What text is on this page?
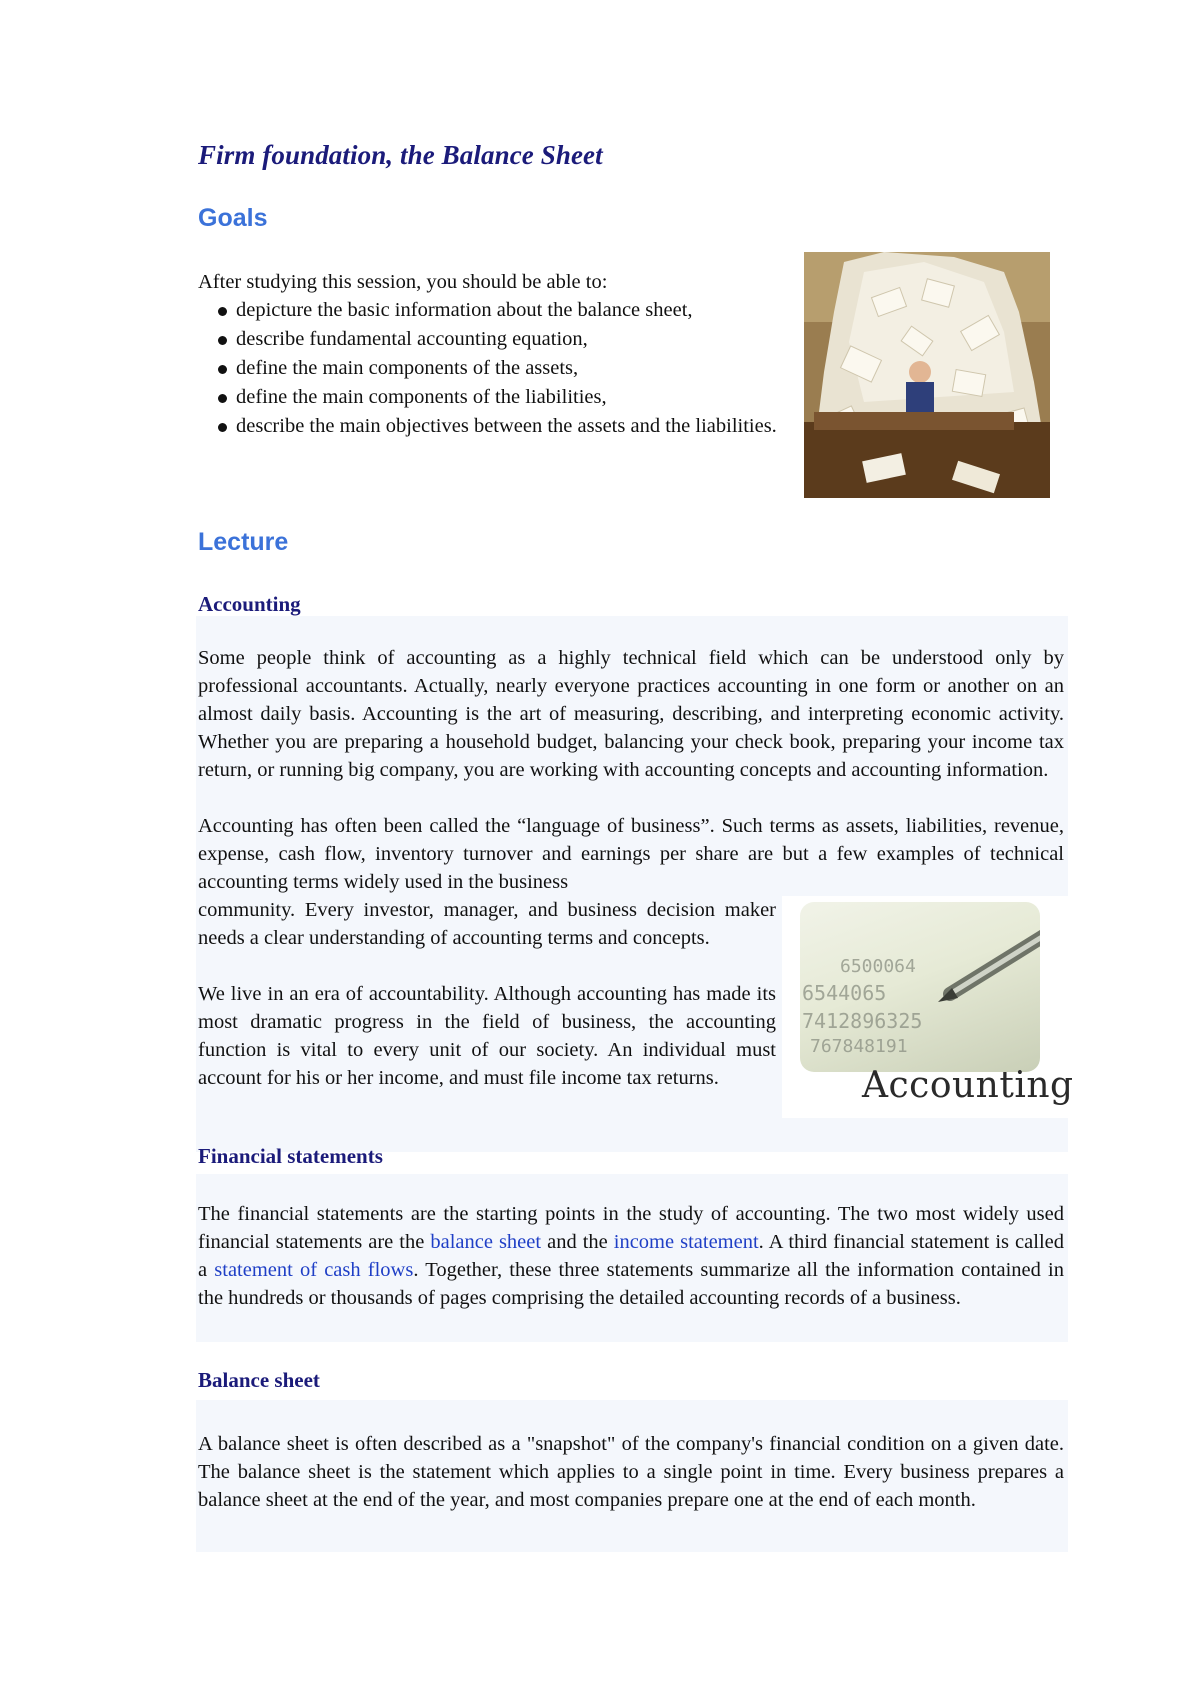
Firm foundation, the Balance Sheet
Goals
After studying this session, you should be able to:
depicture the basic information about the balance sheet,
describe fundamental accounting equation,
define the main components of the assets,
define the main components of the liabilities,
describe the main objectives between the assets and the liabilities.
Lecture
Accounting
Some people think of accounting as a highly technical field which can be understood only by professional accountants. Actually, nearly everyone practices accounting in one form or another on an almost daily basis. Accounting is the art of measuring, describing, and interpreting economic activity. Whether you are preparing a household budget, balancing your check book, preparing your income tax return, or running big company, you are working with accounting concepts and accounting information.
Accounting has often been called the “language of business”. Such terms as assets, liabilities, revenue, expense, cash flow, inventory turnover and earnings per share are but a few examples of technical accounting terms widely used in the business
community. Every investor, manager, and business decision maker needs a clear understanding of accounting terms and concepts.
We live in an era of accountability. Although accounting has made its most dramatic progress in the field of business, the accounting function is vital to every unit of our society. An individual must account for his or her income, and must file income tax returns.
6500064
6544065
7412896325
767848191
Accounting
Financial statements
The financial statements are the starting points in the study of accounting. The two most widely used financial statements are the balance sheet and the income statement. A third financial statement is called a statement of cash flows. Together, these three statements summarize all the information contained in the hundreds or thousands of pages comprising the detailed accounting records of a business.
Balance sheet
A balance sheet is often described as a "snapshot" of the company's financial condition on a given date. The balance sheet is the statement which applies to a single point in time. Every business prepares a balance sheet at the end of the year, and most companies prepare one at the end of each month.
